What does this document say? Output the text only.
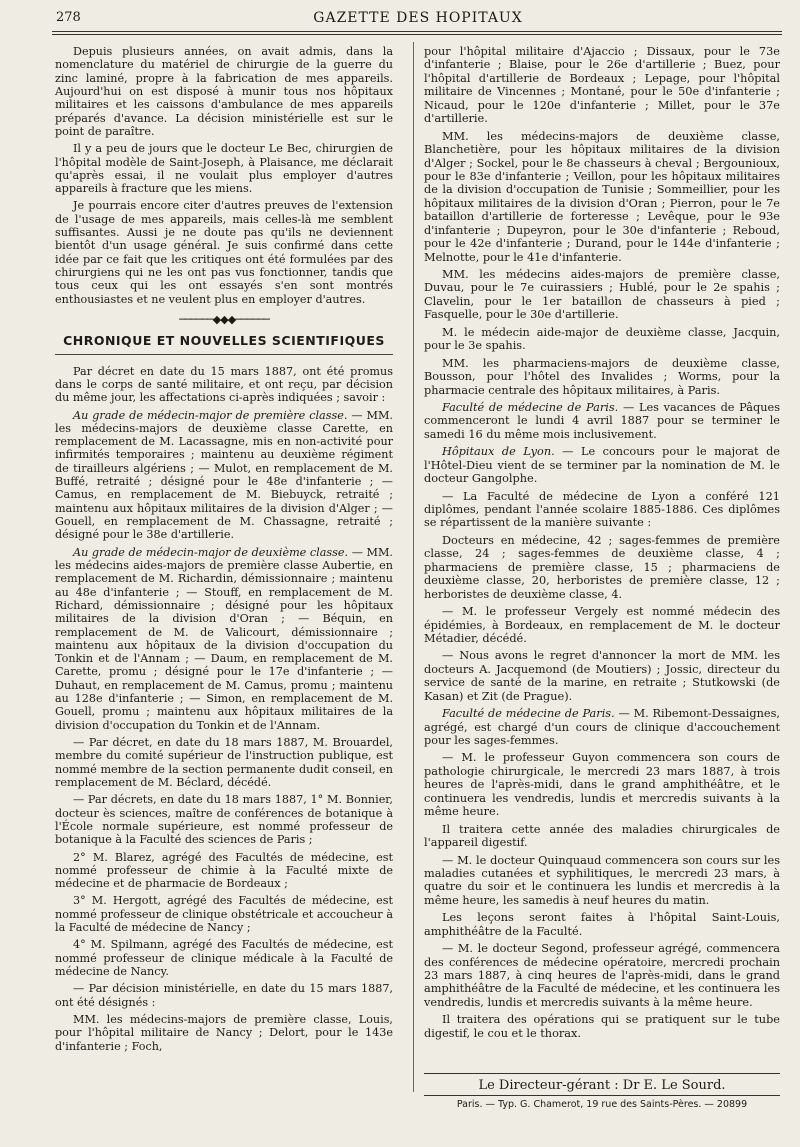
278	GAZETTE DES HOPITAUX

Depuis plusieurs années, on avait admis, dans la nomenclature du matériel de chirurgie de la guerre du zinc laminé, propre à la fabrication de mes appareils. Aujourd'hui on est disposé à munir tous nos hôpitaux militaires et les caissons d'ambulance de mes appareils préparés d'avance. La décision ministérielle est sur le point de paraître.

Il y a peu de jours que le docteur Le Bec, chirurgien de l'hôpital modèle de Saint-Joseph, à Plaisance, me déclarait qu'après essai, il ne voulait plus employer d'autres appareils à fracture que les miens.

Je pourrais encore citer d'autres preuves de l'extension de l'usage de mes appareils, mais celles-là me semblent suffisantes. Aussi je ne doute pas qu'ils ne deviennent bientôt d'un usage général. Je suis confirmé dans cette idée par ce fait que les critiques ont été formulées par des chirurgiens qui ne les ont pas vus fonctionner, tandis que tous ceux qui les ont essayés s'en sont montrés enthousiastes et ne veulent plus en employer d'autres.

──────◆◆◆──────
CHRONIQUE ET NOUVELLES SCIENTIFIQUES

Par décret en date du 15 mars 1887, ont été promus dans le corps de santé militaire, et ont reçu, par décision du même jour, les affectations ci-après indiquées ; savoir :

Au grade de médecin-major de première classe. — MM. les médecins-majors de deuxième classe Carette, en remplacement de M. Lacassagne, mis en non-activité pour infirmités temporaires ; maintenu au deuxième régiment de tirailleurs algériens ; — Mulot, en remplacement de M. Buffé, retraité ; désigné pour le 48e d'infanterie ; — Camus, en remplacement de M. Biebuyck, retraité ; maintenu aux hôpitaux militaires de la division d'Alger ; — Gouell, en remplacement de M. Chassagne, retraité ; désigné pour le 38e d'artillerie.

Au grade de médecin-major de deuxième classe. — MM. les médecins aides-majors de première classe Aubertie, en remplacement de M. Richardin, démissionnaire ; maintenu au 48e d'infanterie ; — Stouff, en remplacement de M. Richard, démissionnaire ; désigné pour les hôpitaux militaires de la division d'Oran ; — Béquin, en remplacement de M. de Valicourt, démissionnaire ; maintenu aux hôpitaux de la division d'occupation du Tonkin et de l'Annam ; — Daum, en remplacement de M. Carette, promu ; désigné pour le 17e d'infanterie ; — Duhaut, en remplacement de M. Camus, promu ; maintenu au 128e d'infanterie ; — Simon, en remplacement de M. Gouell, promu ; maintenu aux hôpitaux militaires de la division d'occupation du Tonkin et de l'Annam.

— Par décret, en date du 18 mars 1887, M. Brouardel, membre du comité supérieur de l'instruction publique, est nommé membre de la section permanente dudit conseil, en remplacement de M. Béclard, décédé.

— Par décrets, en date du 18 mars 1887, 1° M. Bonnier, docteur ès sciences, maître de conférences de botanique à l'École normale supérieure, est nommé professeur de botanique à la Faculté des sciences de Paris ;

2° M. Blarez, agrégé des Facultés de médecine, est nommé professeur de chimie à la Faculté mixte de médecine et de pharmacie de Bordeaux ;

3° M. Hergott, agrégé des Facultés de médecine, est nommé professeur de clinique obstétricale et accoucheur à la Faculté de médecine de Nancy ;

4° M. Spilmann, agrégé des Facultés de médecine, est nommé professeur de clinique médicale à la Faculté de médecine de Nancy.

— Par décision ministérielle, en date du 15 mars 1887, ont été désignés :

MM. les médecins-majors de première classe, Louis, pour l'hôpital militaire de Nancy ; Delort, pour le 143e d'infanterie ; Foch,

pour l'hôpital militaire d'Ajaccio ; Dissaux, pour le 73e d'infanterie ; Blaise, pour le 26e d'artillerie ; Buez, pour l'hôpital d'artillerie de Bordeaux ; Lepage, pour l'hôpital militaire de Vincennes ; Montané, pour le 50e d'infanterie ; Nicaud, pour le 120e d'infanterie ; Millet, pour le 37e d'artillerie.

MM. les médecins-majors de deuxième classe, Blanchetière, pour les hôpitaux militaires de la division d'Alger ; Sockel, pour le 8e chasseurs à cheval ; Bergounioux, pour le 83e d'infanterie ; Veillon, pour les hôpitaux militaires de la division d'occupation de Tunisie ; Sommeillier, pour les hôpitaux militaires de la division d'Oran ; Pierron, pour le 7e bataillon d'artillerie de forteresse ; Levêque, pour le 93e d'infanterie ; Dupeyron, pour le 30e d'infanterie ; Reboud, pour le 42e d'infanterie ; Durand, pour le 144e d'infanterie ; Melnotte, pour le 41e d'infanterie.

MM. les médecins aides-majors de première classe, Duvau, pour le 7e cuirassiers ; Hublé, pour le 2e spahis ; Clavelin, pour le 1er bataillon de chasseurs à pied ; Fasquelle, pour le 30e d'artillerie.

M. le médecin aide-major de deuxième classe, Jacquin, pour le 3e spahis.

MM. les pharmaciens-majors de deuxième classe, Bousson, pour l'hôtel des Invalides ; Worms, pour la pharmacie centrale des hôpitaux militaires, à Paris.

Faculté de médecine de Paris. — Les vacances de Pâques commenceront le lundi 4 avril 1887 pour se terminer le samedi 16 du même mois inclusivement.

Hôpitaux de Lyon. — Le concours pour le majorat de l'Hôtel-Dieu vient de se terminer par la nomination de M. le docteur Gangolphe.

— La Faculté de médecine de Lyon a conféré 121 diplômes, pendant l'année scolaire 1885-1886. Ces diplômes se répartissent de la manière suivante :

Docteurs en médecine, 42 ; sages-femmes de première classe, 24 ; sages-femmes de deuxième classe, 4 ; pharmaciens de première classe, 15 ; pharmaciens de deuxième classe, 20, herboristes de première classe, 12 ; herboristes de deuxième classe, 4.

— M. le professeur Vergely est nommé médecin des épidémies, à Bordeaux, en remplacement de M. le docteur Métadier, décédé.

— Nous avons le regret d'annoncer la mort de MM. les docteurs A. Jacquemond (de Moutiers) ; Jossic, directeur du service de santé de la marine, en retraite ; Stutkowski (de Kasan) et Zit (de Prague).

Faculté de médecine de Paris. — M. Ribemont-Dessaignes, agrégé, est chargé d'un cours de clinique d'accouchement pour les sages-femmes.

— M. le professeur Guyon commencera son cours de pathologie chirurgicale, le mercredi 23 mars 1887, à trois heures de l'après-midi, dans le grand amphithéâtre, et le continuera les vendredis, lundis et mercredis suivants à la même heure.

Il traitera cette année des maladies chirurgicales de l'appareil digestif.

— M. le docteur Quinquaud commencera son cours sur les maladies cutanées et syphilitiques, le mercredi 23 mars, à quatre du soir et le continuera les lundis et mercredis à la même heure, les samedis à neuf heures du matin.

Les leçons seront faites à l'hôpital Saint-Louis, amphithéâtre de la Faculté.

— M. le docteur Segond, professeur agrégé, commencera des conférences de médecine opératoire, mercredi prochain 23 mars 1887, à cinq heures de l'après-midi, dans le grand amphithéâtre de la Faculté de médecine, et les continuera les vendredis, lundis et mercredis suivants à la même heure.

Il traitera des opérations qui se pratiquent sur le tube digestif, le cou et le thorax.

Le Directeur-gérant : Dr E. Le Sourd.
Paris. — Typ. G. Chamerot, 19 rue des Saints-Pères. — 20899
